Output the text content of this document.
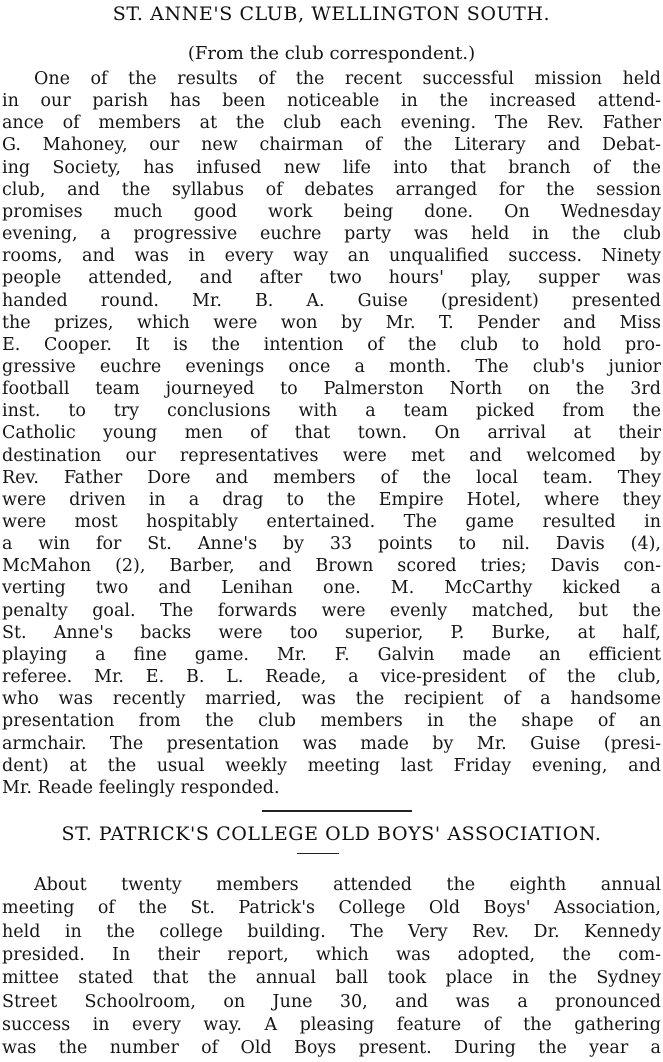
ST. ANNE'S CLUB, WELLINGTON SOUTH.
(From the club correspondent.)
One of the results of the recent successful mission held
in our parish has been noticeable in the increased attend-
ance of members at the club each evening. The Rev. Father
G. Mahoney, our new chairman of the Literary and Debat-
ing Society, has infused new life into that branch of the
club, and the syllabus of debates arranged for the session
promises much good work being done. On Wednesday
evening, a progressive euchre party was held in the club
rooms, and was in every way an unqualified success. Ninety
people attended, and after two hours' play, supper was
handed round. Mr. B. A. Guise (president) presented
the prizes, which were won by Mr. T. Pender and Miss
E. Cooper. It is the intention of the club to hold pro-
gressive euchre evenings once a month. The club's junior
football team journeyed to Palmerston North on the 3rd
inst. to try conclusions with a team picked from the
Catholic young men of that town. On arrival at their
destination our representatives were met and welcomed by
Rev. Father Dore and members of the local team. They
were driven in a drag to the Empire Hotel, where they
were most hospitably entertained. The game resulted in
a win for St. Anne's by 33 points to nil. Davis (4),
McMahon (2), Barber, and Brown scored tries; Davis con-
verting two and Lenihan one. M. McCarthy kicked a
penalty goal. The forwards were evenly matched, but the
St. Anne's backs were too superior, P. Burke, at half,
playing a fine game. Mr. F. Galvin made an efficient
referee. Mr. E. B. L. Reade, a vice-president of the club,
who was recently married, was the recipient of a handsome
presentation from the club members in the shape of an
armchair. The presentation was made by Mr. Guise (presi-
dent) at the usual weekly meeting last Friday evening, and
Mr. Reade feelingly responded.
ST. PATRICK'S COLLEGE OLD BOYS' ASSOCIATION.
About twenty members attended the eighth annual
meeting of the St. Patrick's College Old Boys' Association,
held in the college building. The Very Rev. Dr. Kennedy
presided. In their report, which was adopted, the com-
mittee stated that the annual ball took place in the Sydney
Street Schoolroom, on June 30, and was a pronounced
success in every way. A pleasing feature of the gathering
was the number of Old Boys present. During the year a
